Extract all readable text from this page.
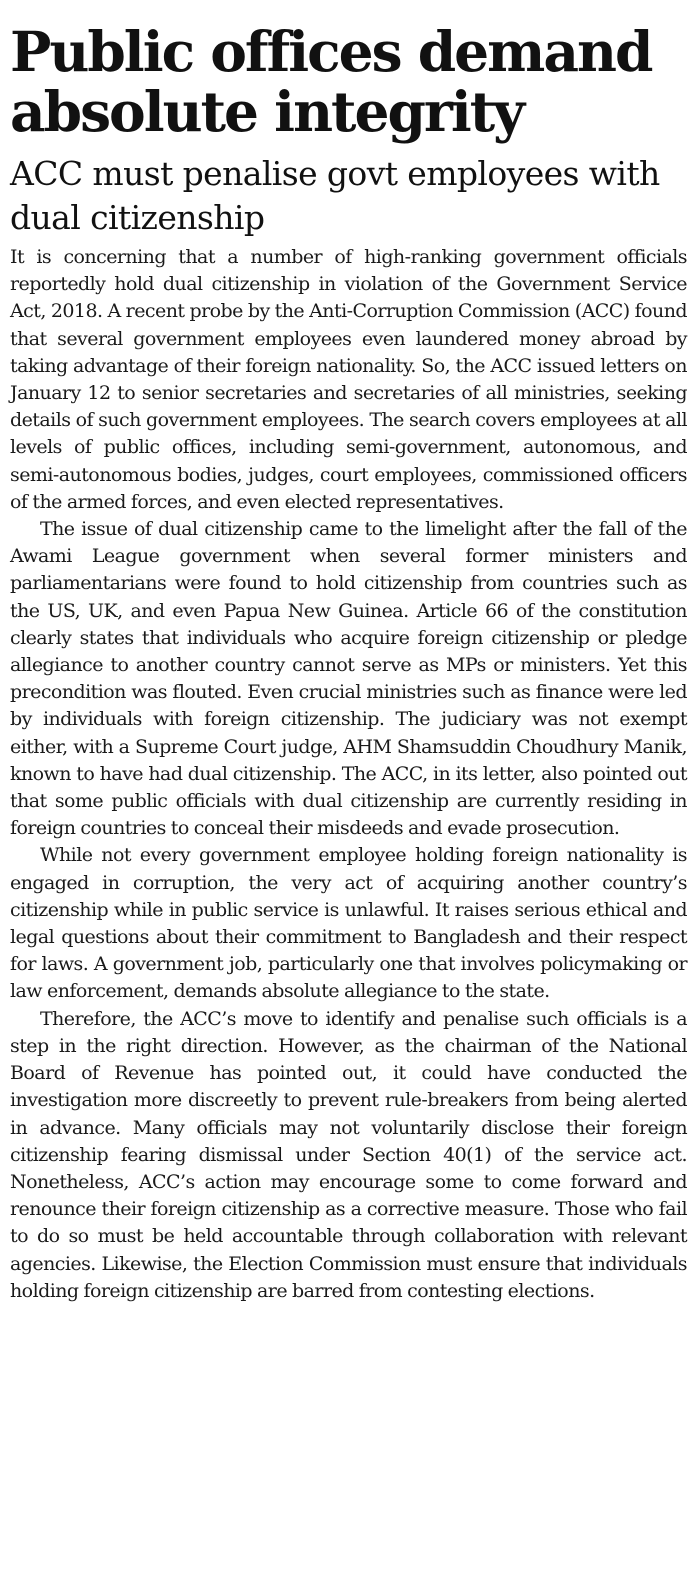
Public offices demand absolute integrity
ACC must penalise govt employees with dual citizenship

It is concerning that a number of high-ranking government officials reportedly hold dual citizenship in violation of the Government Service Act, 2018. A recent probe by the Anti-Corruption Commission (ACC) found that several government employees even laundered money abroad by taking advantage of their foreign nationality. So, the ACC issued letters on January 12 to senior secretaries and secretaries of all ministries, seeking details of such government employees. The search covers employees at all levels of public offices, including semi-government, autonomous, and semi-autonomous bodies, judges, court employees, commissioned officers of the armed forces, and even elected representatives.

The issue of dual citizenship came to the limelight after the fall of the Awami League government when several former ministers and parliamentarians were found to hold citizenship from countries such as the US, UK, and even Papua New Guinea. Article 66 of the constitution clearly states that individuals who acquire foreign citizenship or pledge allegiance to another country cannot serve as MPs or ministers. Yet this precondition was flouted. Even crucial ministries such as finance were led by individuals with foreign citizenship. The judiciary was not exempt either, with a Supreme Court judge, AHM Shamsuddin Choudhury Manik, known to have had dual citizenship. The ACC, in its letter, also pointed out that some public officials with dual citizenship are currently residing in foreign countries to conceal their misdeeds and evade prosecution.

While not every government employee holding foreign nationality is engaged in corruption, the very act of acquiring another country’s citizenship while in public service is unlawful. It raises serious ethical and legal questions about their commitment to Bangladesh and their respect for laws. A government job, particularly one that involves policymaking or law enforcement, demands absolute allegiance to the state.

Therefore, the ACC’s move to identify and penalise such officials is a step in the right direction. However, as the chairman of the National Board of Revenue has pointed out, it could have conducted the investigation more discreetly to prevent rule-breakers from being alerted in advance. Many officials may not voluntarily disclose their foreign citizenship fearing dismissal under Section 40(1) of the service act. Nonetheless, ACC’s action may encourage some to come forward and renounce their foreign citizenship as a corrective measure. Those who fail to do so must be held accountable through collaboration with relevant agencies. Likewise, the Election Commission must ensure that individuals holding foreign citizenship are barred from contesting elections.
